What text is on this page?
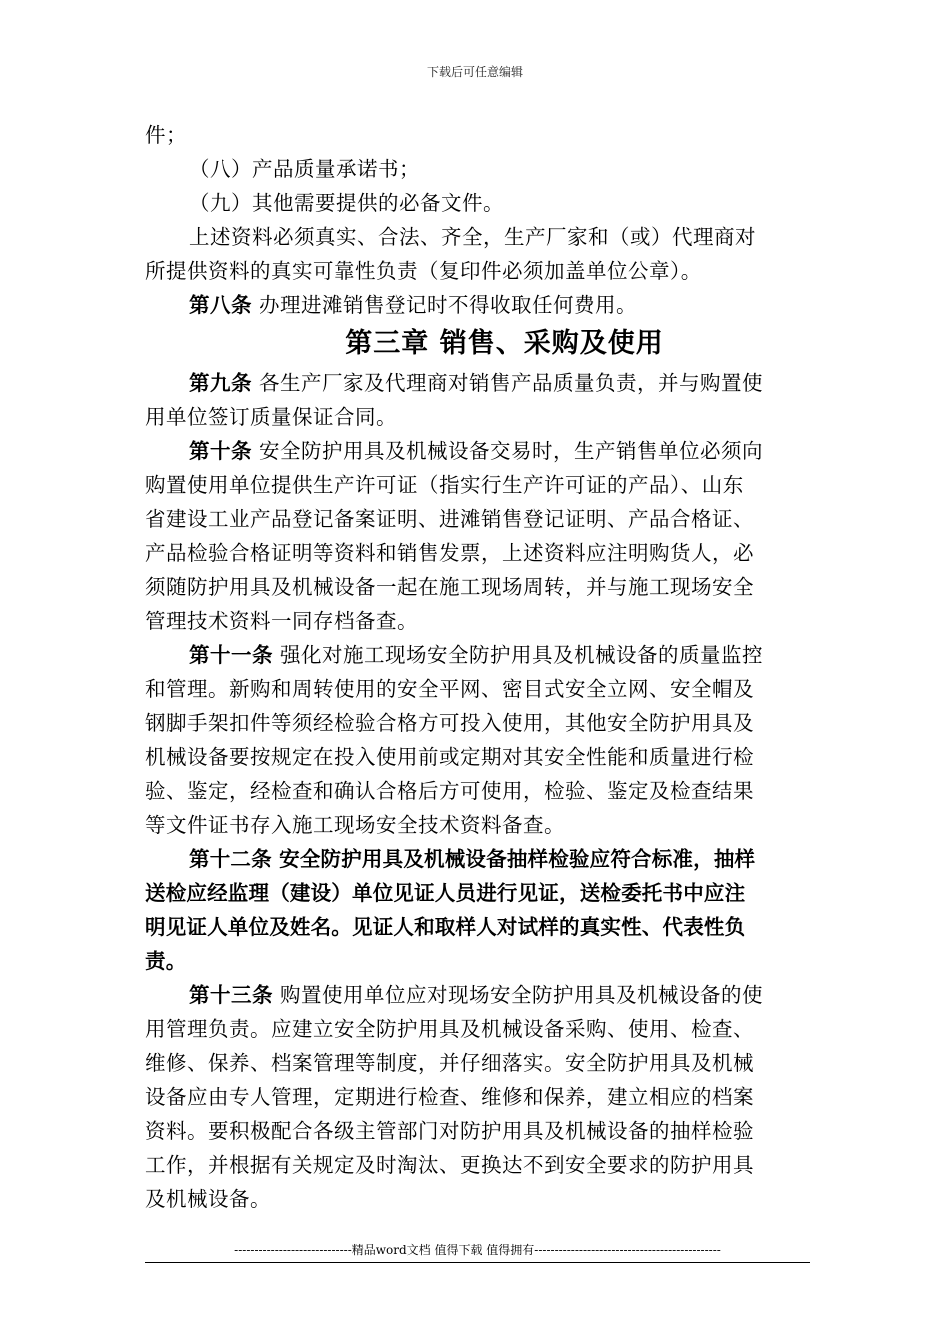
下载后可任意编辑
件；
（八）产品质量承诺书；
（九）其他需要提供的必备文件。
上述资料必须真实、合法、齐全，生产厂家和（或）代理商对
所提供资料的真实可靠性负责（复印件必须加盖单位公章）。
第八条 办理进滩销售登记时不得收取任何费用。
第三章 销售、采购及使用
第九条 各生产厂家及代理商对销售产品质量负责，并与购置使
用单位签订质量保证合同。
第十条 安全防护用具及机械设备交易时，生产销售单位必须向
购置使用单位提供生产许可证（指实行生产许可证的产品）、山东
省建设工业产品登记备案证明、进滩销售登记证明、产品合格证、
产品检验合格证明等资料和销售发票，上述资料应注明购货人，必
须随防护用具及机械设备一起在施工现场周转，并与施工现场安全
管理技术资料一同存档备查。
第十一条 强化对施工现场安全防护用具及机械设备的质量监控
和管理。新购和周转使用的安全平网、密目式安全立网、安全帽及
钢脚手架扣件等须经检验合格方可投入使用，其他安全防护用具及
机械设备要按规定在投入使用前或定期对其安全性能和质量进行检
验、鉴定，经检查和确认合格后方可使用，检验、鉴定及检查结果
等文件证书存入施工现场安全技术资料备查。
第十二条 安全防护用具及机械设备抽样检验应符合标准，抽样
送检应经监理（建设）单位见证人员进行见证，送检委托书中应注
明见证人单位及姓名。见证人和取样人对试样的真实性、代表性负
责。
第十三条 购置使用单位应对现场安全防护用具及机械设备的使
用管理负责。应建立安全防护用具及机械设备采购、使用、检查、
维修、保养、档案管理等制度，并仔细落实。安全防护用具及机械
设备应由专人管理，定期进行检查、维修和保养，建立相应的档案
资料。要积极配合各级主管部门对防护用具及机械设备的抽样检验
工作，并根据有关规定及时淘汰、更换达不到安全要求的防护用具
及机械设备。
-----------------------------精品word文档 值得下载 值得拥有----------------------------------------------
